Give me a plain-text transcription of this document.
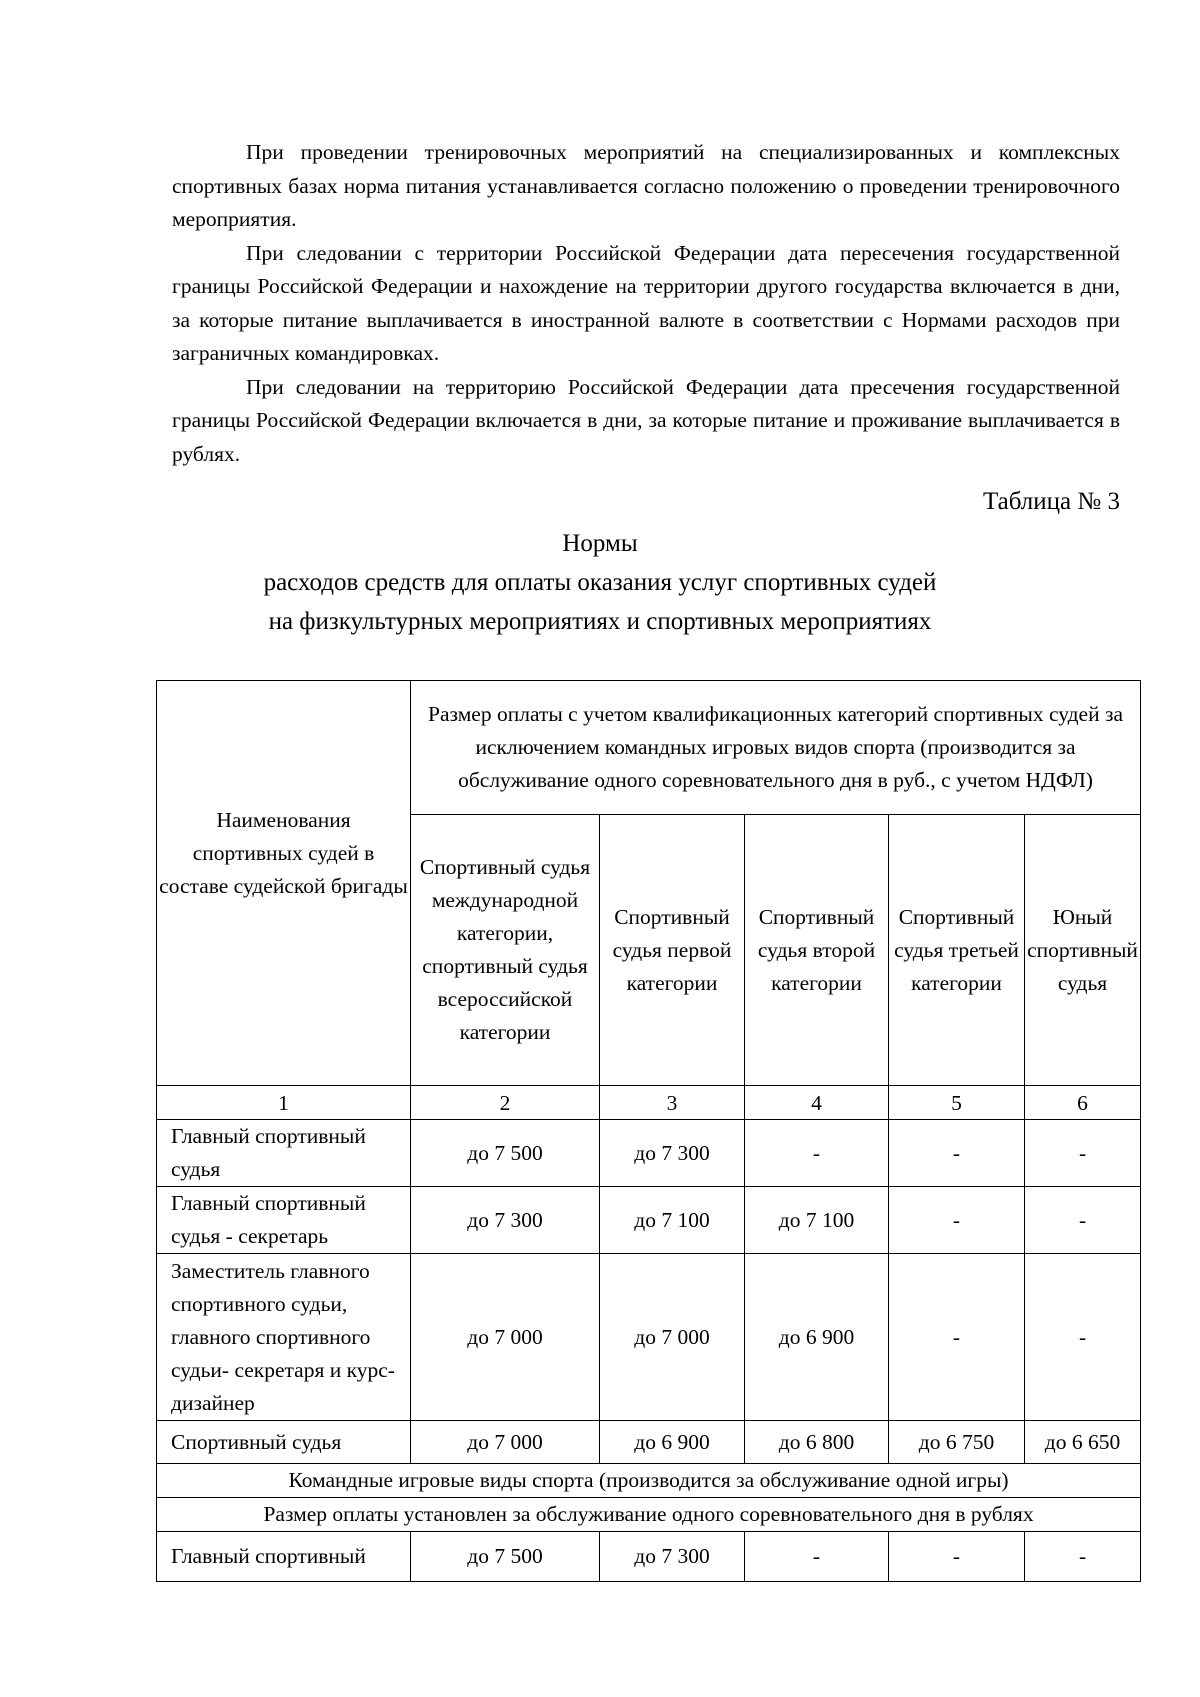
При проведении тренировочных мероприятий на специализированных и комплексных спортивных базах норма питания устанавливается согласно положению о проведении тренировочного мероприятия.

При следовании с территории Российской Федерации дата пересечения государственной границы Российской Федерации и нахождение на территории другого государства включается в дни, за которые питание выплачивается в иностранной валюте в соответствии с Нормами расходов при заграничных командировках.

При следовании на территорию Российской Федерации дата пресечения государственной границы Российской Федерации включается в дни, за которые питание и проживание выплачивается в рублях.

Таблица № 3
Нормы
расходов средств для оплаты оказания услуг спортивных судей
на физкультурных мероприятиях и спортивных мероприятиях
Наименования спортивных судей в составе судейской бригады	Размер оплаты с учетом квалификационных категорий спортивных судей за исключением командных игровых видов спорта (производится за обслуживание одного соревновательного дня в руб., с учетом НДФЛ)				
	Спортивный судья международной категории, спортивный судья всероссийской категории	Спортивный судья первой категории	Спортивный судья второй категории	Спортивный судья третьей категории	Юный спортивный судья
1	2	3	4	5	6
Главный спортивный судья	до 7 500	до 7 300	-	-	-
Главный спортивный судья - секретарь	до 7 300	до 7 100	до 7 100	-	-
Заместитель главного спортивного судьи, главного спортивного судьи- секретаря и курс-дизайнер	до 7 000	до 7 000	до 6 900	-	-
Спортивный судья	до 7 000	до 6 900	до 6 800	до 6 750	до 6 650
Командные игровые виды спорта (производится за обслуживание одной игры)					
Размер оплаты установлен за обслуживание одного соревновательного дня в рублях					
Главный спортивный	до 7 500	до 7 300	-	-	-
